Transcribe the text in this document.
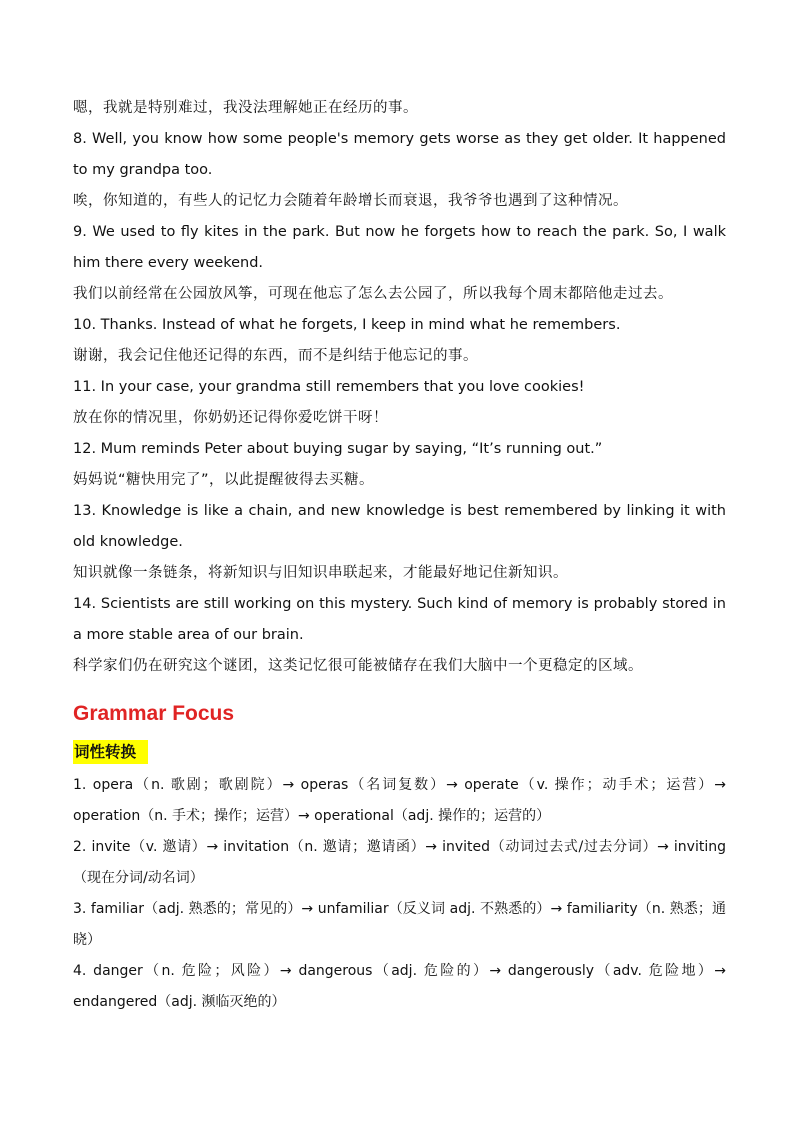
嗯，我就是特别难过，我没法理解她正在经历的事。

8. Well, you know how some people's memory gets worse as they get older. It happened to my grandpa too.

唉，你知道的，有些人的记忆力会随着年龄增长而衰退，我爷爷也遇到了这种情况。

9. We used to fly kites in the park. But now he forgets how to reach the park. So, I walk him there every weekend.

我们以前经常在公园放风筝，可现在他忘了怎么去公园了，所以我每个周末都陪他走过去。

10. Thanks. Instead of what he forgets, I keep in mind what he remembers.

谢谢，我会记住他还记得的东西，而不是纠结于他忘记的事。

11. In your case, your grandma still remembers that you love cookies!

放在你的情况里，你奶奶还记得你爱吃饼干呀！

12. Mum reminds Peter about buying sugar by saying, “It’s running out.”

妈妈说“糖快用完了”，以此提醒彼得去买糖。

13. Knowledge is like a chain, and new knowledge is best remembered by linking it with old knowledge.

知识就像一条链条，将新知识与旧知识串联起来，才能最好地记住新知识。

14. Scientists are still working on this mystery. Such kind of memory is probably stored in a more stable area of our brain.

科学家们仍在研究这个谜团，这类记忆很可能被储存在我们大脑中一个更稳定的区域。

Grammar Focus
词性转换

1. opera（n. 歌剧；歌剧院）→ operas（名词复数）→ operate（v. 操作；动手术；运营）→ operation（n. 手术；操作；运营）→ operational（adj. 操作的；运营的）

2. invite（v. 邀请）→ invitation（n. 邀请；邀请函）→ invited（动词过去式/过去分词）→ inviting（现在分词/动名词）

3. familiar（adj. 熟悉的；常见的）→ unfamiliar（反义词 adj. 不熟悉的）→ familiarity（n. 熟悉；通晓）

4. danger（n. 危险；风险）→ dangerous（adj. 危险的）→ dangerously（adv. 危险地）→ endangered（adj. 濒临灭绝的）
